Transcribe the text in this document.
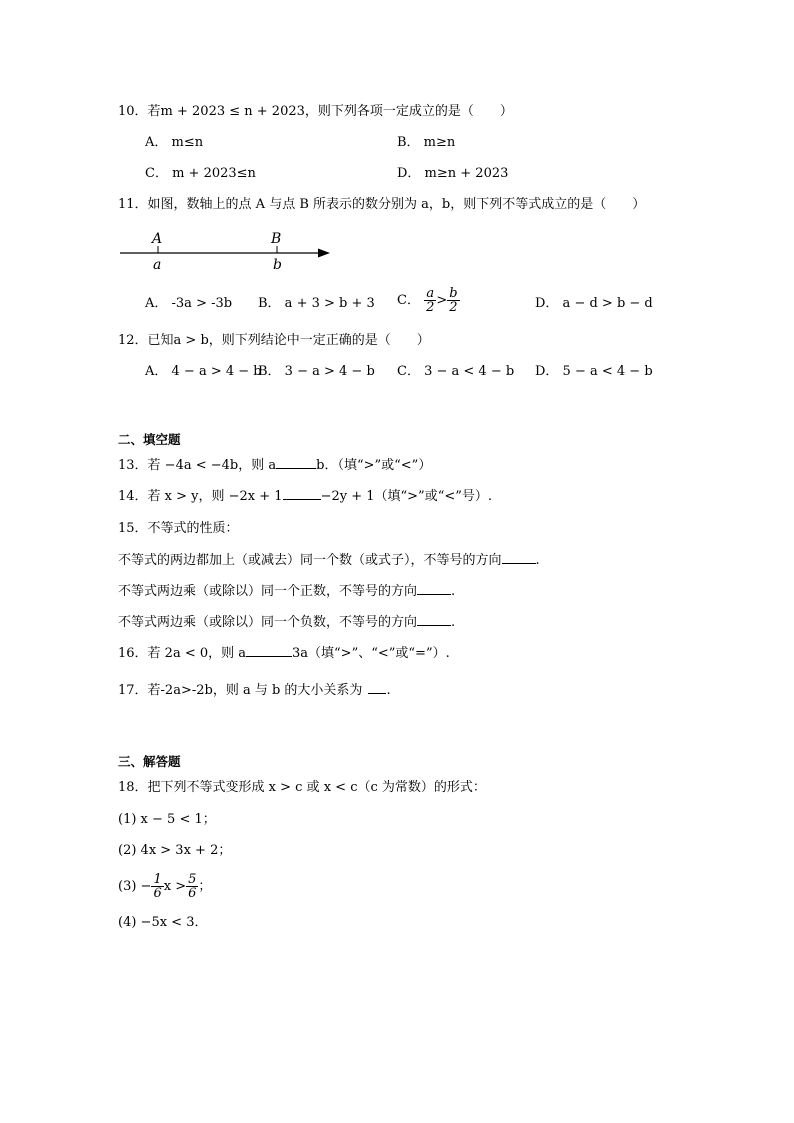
10．若m + 2023 ≤ n + 2023，则下列各项一定成立的是（　　）
A． m≤n	B． m≥n
C． m + 2023≤n	D． m≥n + 2023
11．如图，数轴上的点 A 与点 B 所表示的数分别为 a，b，则下列不等式成立的是（　　）
A	B
a	b
A． -3a > -3b B． a + 3 > b + 3 C． $\frac{a}{2} > \frac{b}{2}$	D． a − d > b − d
12．已知a > b，则下列结论中一定正确的是（　　）
A． 4 − a > 4 − b
B． 3 − a > 4 − b C． 3 − a < 4 − b D． 5 − a < 4 − b
二、填空题
13．若 −4a < −4b，则 a	b．（填“>”或“<”）
14．若 x > y，则 −2x + 1	−2y + 1（填“>”或“<”号）.
15．不等式的性质：
不等式的两边都加上（或减去）同一个数（或式子），不等号的方向	.
不等式两边乘（或除以）同一个正数，不等号的方向	.
不等式两边乘（或除以）同一个负数，不等号的方向	.
16．若 2a < 0，则 a	3a（填“>”、“<”或“=”）.
17．若-2a>-2b，则 a 与 b 的大小关系为 .
三、解答题
18．把下列不等式变形成 x > c 或 x < c（c 为常数）的形式：
(1) x − 5 < 1；
(2) 4x > 3x + 2；
$(3) - \frac{1}{6}$ $x > \frac{5}{6}$ ；
(4) −5x < 3．
